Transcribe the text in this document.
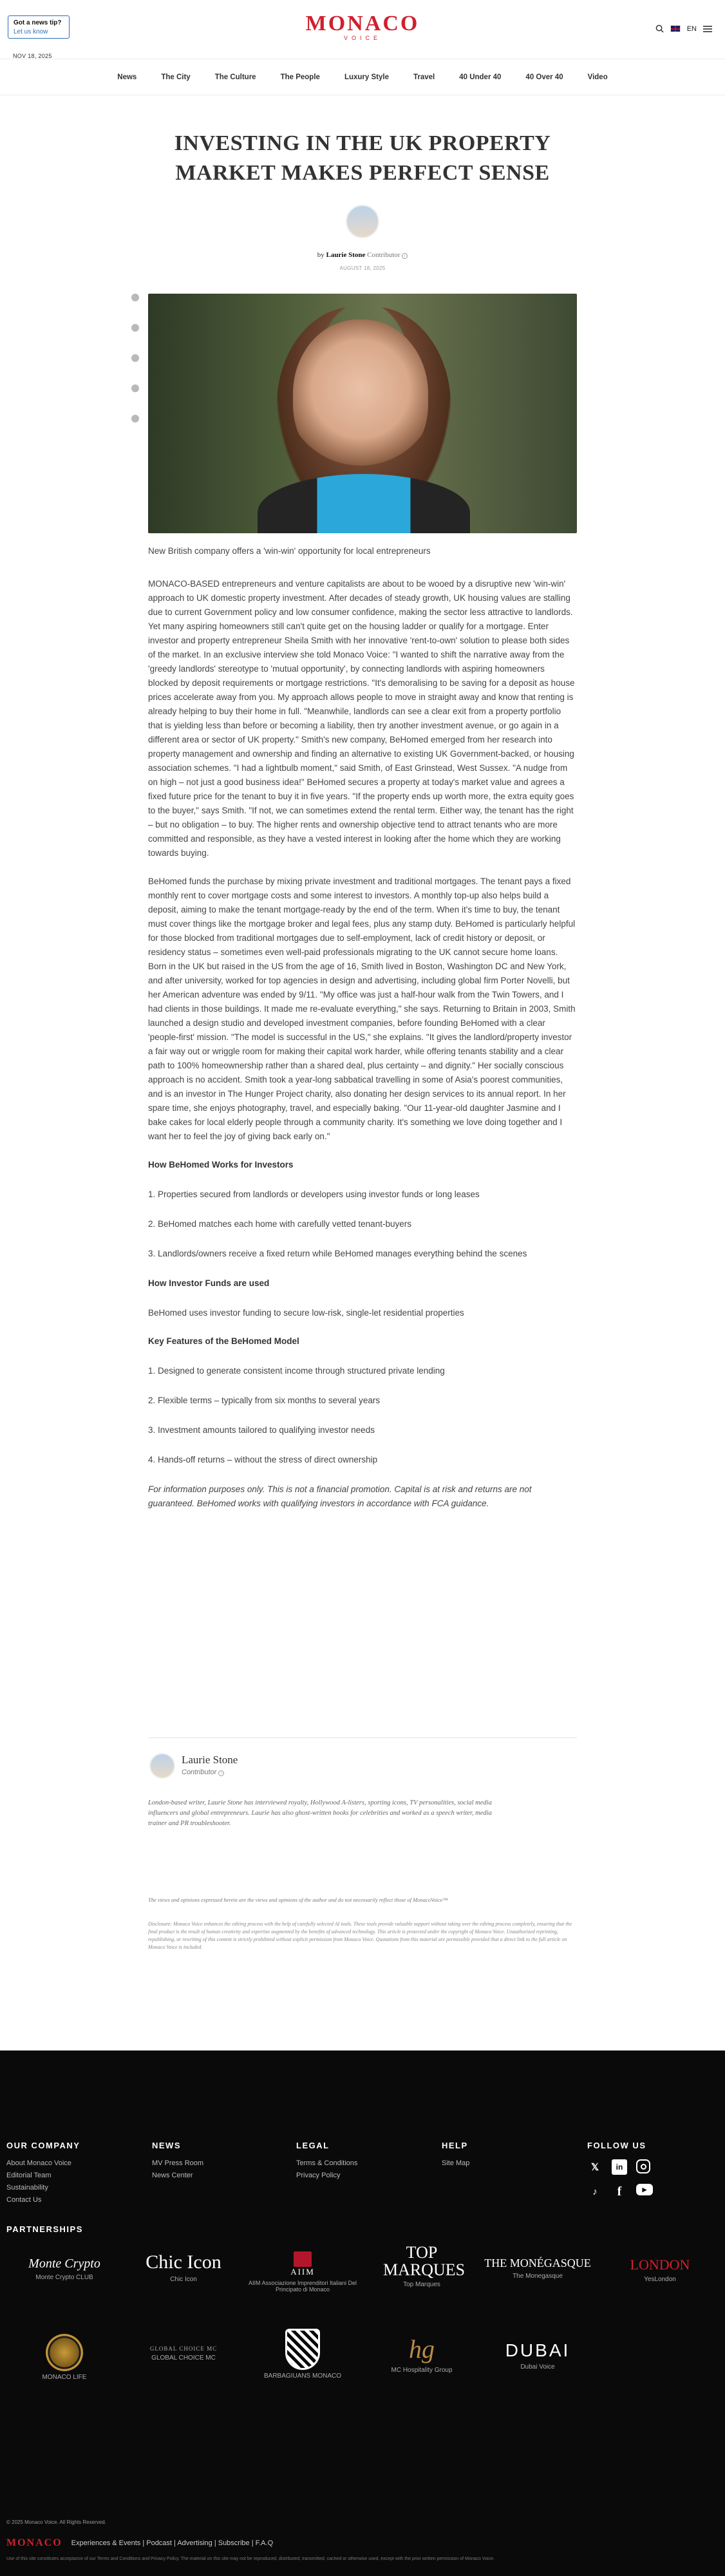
Got a news tip?
Let us know
NOV 18, 2025
MONACO
VOICE
EN
News	The City	The Culture	The People	Luxury Style	Travel	40 Under 40	40 Over 40	Video
INVESTING IN THE UK PROPERTY MARKET MAKES PERFECT SENSE
by Laurie Stone Contributor i
AUGUST 18, 2025
New British company offers a 'win-win' opportunity for local entrepreneurs

MONACO-BASED entrepreneurs and venture capitalists are about to be wooed by a disruptive new 'win-win' approach to UK domestic property investment. After decades of steady growth, UK housing values are stalling due to current Government policy and low consumer confidence, making the sector less attractive to landlords. Yet many aspiring homeowners still can't quite get on the housing ladder or qualify for a mortgage. Enter investor and property entrepreneur Sheila Smith with her innovative 'rent-to-own' solution to please both sides of the market. In an exclusive interview she told Monaco Voice: "I wanted to shift the narrative away from the 'greedy landlords' stereotype to 'mutual opportunity', by connecting landlords with aspiring homeowners blocked by deposit requirements or mortgage restrictions. "It's demoralising to be saving for a deposit as house prices accelerate away from you. My approach allows people to move in straight away and know that renting is already helping to buy their home in full. "Meanwhile, landlords can see a clear exit from a property portfolio that is yielding less than before or becoming a liability, then try another investment avenue, or go again in a different area or sector of UK property." Smith's new company, BeHomed emerged from her research into property management and ownership and finding an alternative to existing UK Government-backed, or housing association schemes. "I had a lightbulb moment," said Smith, of East Grinstead, West Sussex. "A nudge from on high – not just a good business idea!" BeHomed secures a property at today's market value and agrees a fixed future price for the tenant to buy it in five years. "If the property ends up worth more, the extra equity goes to the buyer," says Smith. "If not, we can sometimes extend the rental term. Either way, the tenant has the right – but no obligation – to buy. The higher rents and ownership objective tend to attract tenants who are more committed and responsible, as they have a vested interest in looking after the home which they are working towards buying.

BeHomed funds the purchase by mixing private investment and traditional mortgages. The tenant pays a fixed monthly rent to cover mortgage costs and some interest to investors. A monthly top-up also helps build a deposit, aiming to make the tenant mortgage-ready by the end of the term. When it's time to buy, the tenant must cover things like the mortgage broker and legal fees, plus any stamp duty. BeHomed is particularly helpful for those blocked from traditional mortgages due to self-employment, lack of credit history or deposit, or residency status – sometimes even well-paid professionals migrating to the UK cannot secure home loans. Born in the UK but raised in the US from the age of 16, Smith lived in Boston, Washington DC and New York, and after university, worked for top agencies in design and advertising, including global firm Porter Novelli, but her American adventure was ended by 9/11. "My office was just a half-hour walk from the Twin Towers, and I had clients in those buildings. It made me re-evaluate everything," she says. Returning to Britain in 2003, Smith launched a design studio and developed investment companies, before founding BeHomed with a clear 'people-first' mission. "The model is successful in the US," she explains. "It gives the landlord/property investor a fair way out or wriggle room for making their capital work harder, while offering tenants stability and a clear path to 100% homeownership rather than a shared deal, plus certainty – and dignity." Her socially conscious approach is no accident. Smith took a year-long sabbatical travelling in some of Asia's poorest communities, and is an investor in The Hunger Project charity, also donating her design services to its annual report. In her spare time, she enjoys photography, travel, and especially baking. "Our 11-year-old daughter Jasmine and I bake cakes for local elderly people through a community charity. It's something we love doing together and I want her to feel the joy of giving back early on."

How BeHomed Works for Investors
1. Properties secured from landlords or developers using investor funds or long leases
2. BeHomed matches each home with carefully vetted tenant-buyers
3. Landlords/owners receive a fixed return while BeHomed manages everything behind the scenes
How Investor Funds are used

BeHomed uses investor funding to secure low-risk, single-let residential properties

Key Features of the BeHomed Model
1. Designed to generate consistent income through structured private lending
2. Flexible terms – typically from six months to several years
3. Investment amounts tailored to qualifying investor needs
4. Hands-off returns – without the stress of direct ownership

For information purposes only. This is not a financial promotion. Capital is at risk and returns are not guaranteed. BeHomed works with qualifying investors in accordance with FCA guidance.

Laurie Stone
Contributor i
London-based writer, Laurie Stone has interviewed royalty, Hollywood A-listers, sporting icons, TV personalities, social media influencers and global entrepreneurs. Laurie has also ghost-written books for celebrities and worked as a speech writer, media trainer and PR troubleshooter.
The views and opinions expressed herein are the views and opinions of the author and do not necessarily reflect those of MonacoVoice™
Disclosure: Monaco Voice enhances the editing process with the help of carefully selected AI tools. These tools provide valuable support without taking over the editing process completely, ensuring that the final product is the result of human creativity and expertise augmented by the benefits of advanced technology. This article is protected under the copyright of Monaco Voice. Unauthorized reprinting, republishing, or rewriting of this content is strictly prohibited without explicit permission from Monaco Voice. Quotations from this material are permissible provided that a direct link to the full article on Monaco Voice is included.
OUR COMPANY
About Monaco Voice
Editorial Team
Sustainability
Contact Us
NEWS
MV Press Room
News Center
LEGAL
Terms & Conditions
Privacy Policy
HELP
Site Map
FOLLOW US
𝕏	in
♪	f	▶
PARTNERSHIPS
Monte Crypto
Monte Crypto CLUB
Chic Icon
Chic Icon
AIIM
AIIM Associazione Imprenditori Italiani Del Principato di Monaco
TOP MARQUES
Top Marques
THE MONÉGASQUE
The Monegasque
LONDON
YesLondon
MONACO LIFE
GLOBAL CHOICE MC
GLOBAL CHOICE MC
BARBAGIUANS MONACO
hg
MC Hospitality Group
DUBAI
Dubai Voice
© 2025 Monaco Voice. All Rights Reserved.
MONACO Experiences & Events | Podcast | Advertising | Subscribe | F.A.Q
Use of this site constitutes acceptance of our Terms and Conditions and Privacy Policy. The material on this site may not be reproduced, distributed, transmitted, cached or otherwise used, except with the prior written permission of Monaco Voice.
